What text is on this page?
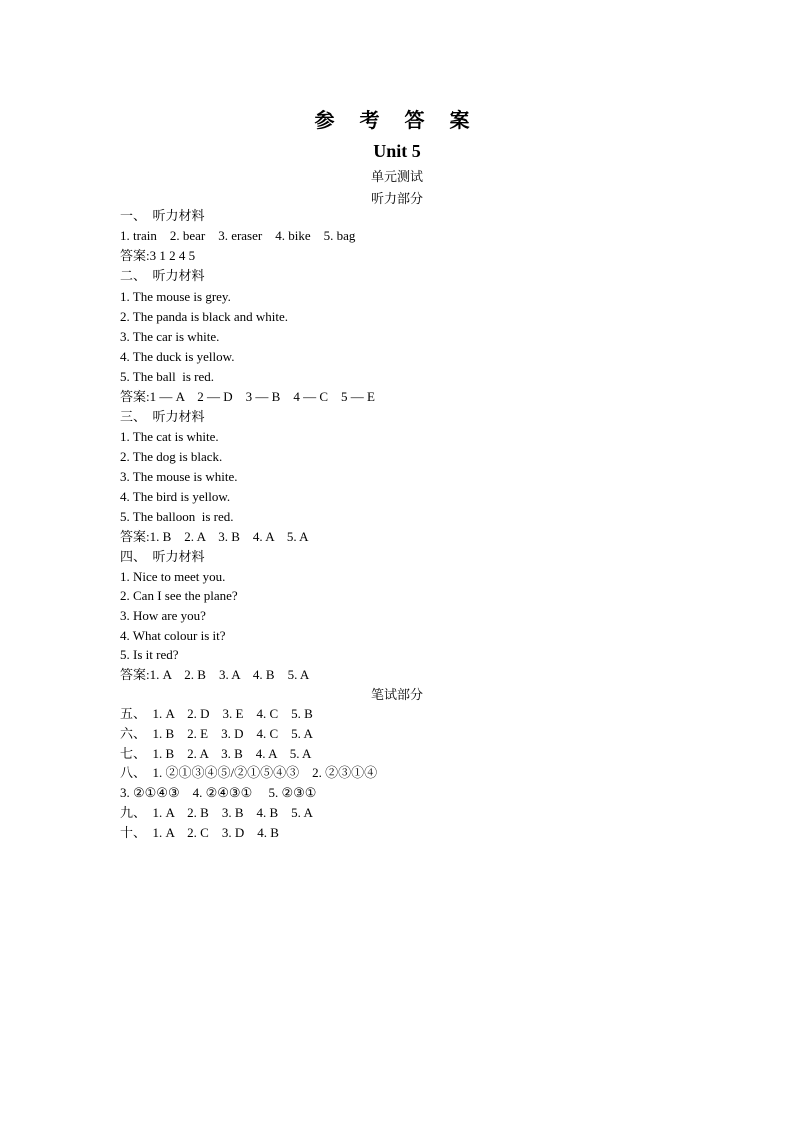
参 考 答 案
Unit 5
单元测试
听力部分
一、  听力材料
1. train    2. bear    3. eraser    4. bike    5. bag
答案:3 1 2 4 5
二、  听力材料
1. The mouse is grey.
2. The panda is black and white.
3. The car is white.
4. The duck is yellow.
5. The ball  is red.
答案:1 — A    2 — D    3 — B    4 — C    5 — E
三、  听力材料
1. The cat is white.
2. The dog is black.
3. The mouse is white.
4. The bird is yellow.
5. The balloon  is red.
答案:1. B    2. A    3. B    4. A    5. A
四、  听力材料
1. Nice to meet you.
2. Can I see the plane?
3. How are you?
4. What colour is it?
5. Is it red?
答案:1. A    2. B    3. A    4. B    5. A
笔试部分
五、  1. A    2. D    3. E    4. C    5. B
六、  1. B    2. E    3. D    4. C    5. A
七、  1. B    2. A    3. B    4. A    5. A
八、  1. ②①③④⑤/②①⑤④③    2. ②③①④
3. ②①④③    4. ②④③①     5. ②③①
九、  1. A    2. B    3. B    4. B    5. A
十、  1. A    2. C    3. D    4. B
